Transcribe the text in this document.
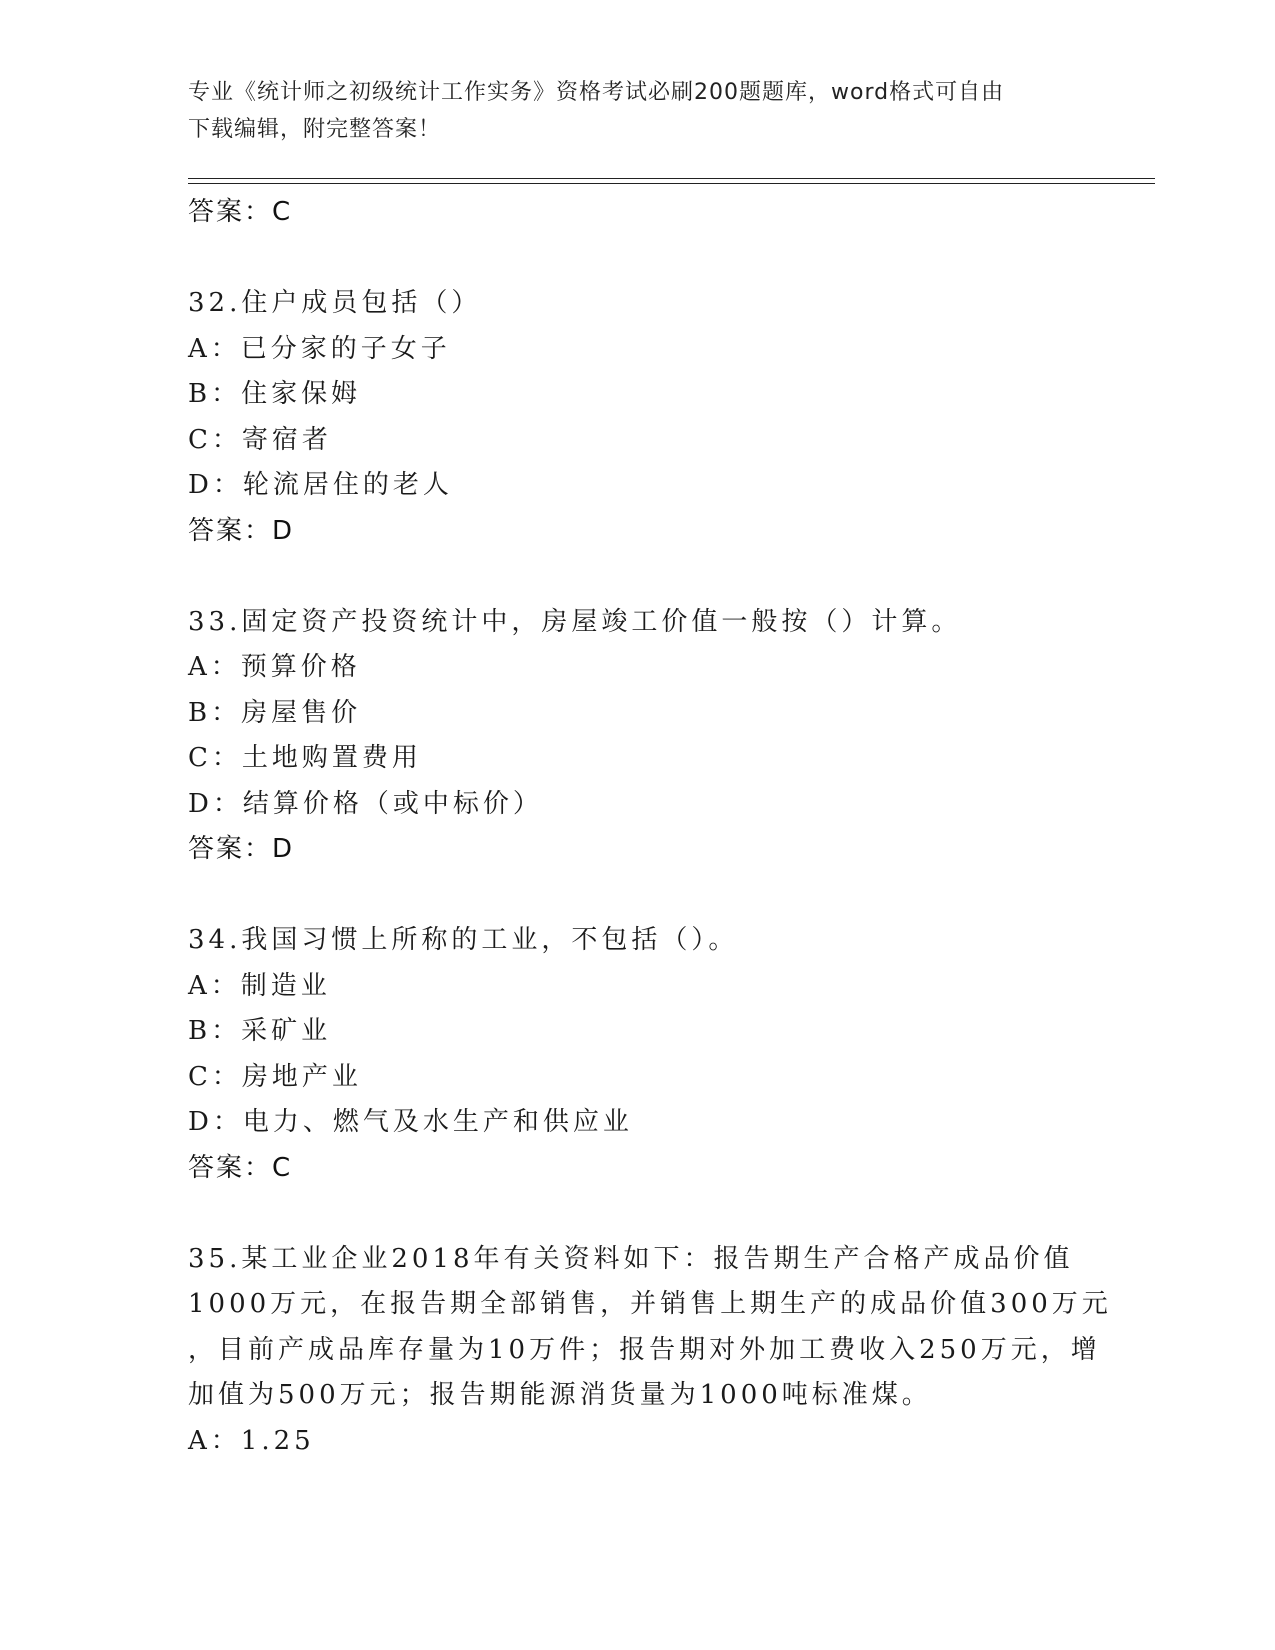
专业《统计师之初级统计工作实务》资格考试必刷200题题库，word格式可自由
下载编辑，附完整答案！
答案：C
32.住户成员包括（）
A：已分家的子女子
B：住家保姆
C：寄宿者
D：轮流居住的老人
答案：D
33.固定资产投资统计中，房屋竣工价值一般按（）计算。
A：预算价格
B：房屋售价
C：土地购置费用
D：结算价格（或中标价）
答案：D
34.我国习惯上所称的工业，不包括（）。
A：制造业
B：采矿业
C：房地产业
D：电力、燃气及水生产和供应业
答案：C
35.某工业企业2018年有关资料如下：报告期生产合格产成品价值
1000万元，在报告期全部销售，并销售上期生产的成品价值300万元
，目前产成品库存量为10万件；报告期对外加工费收入250万元，增
加值为500万元；报告期能源消货量为1000吨标准煤。
A：1.25
